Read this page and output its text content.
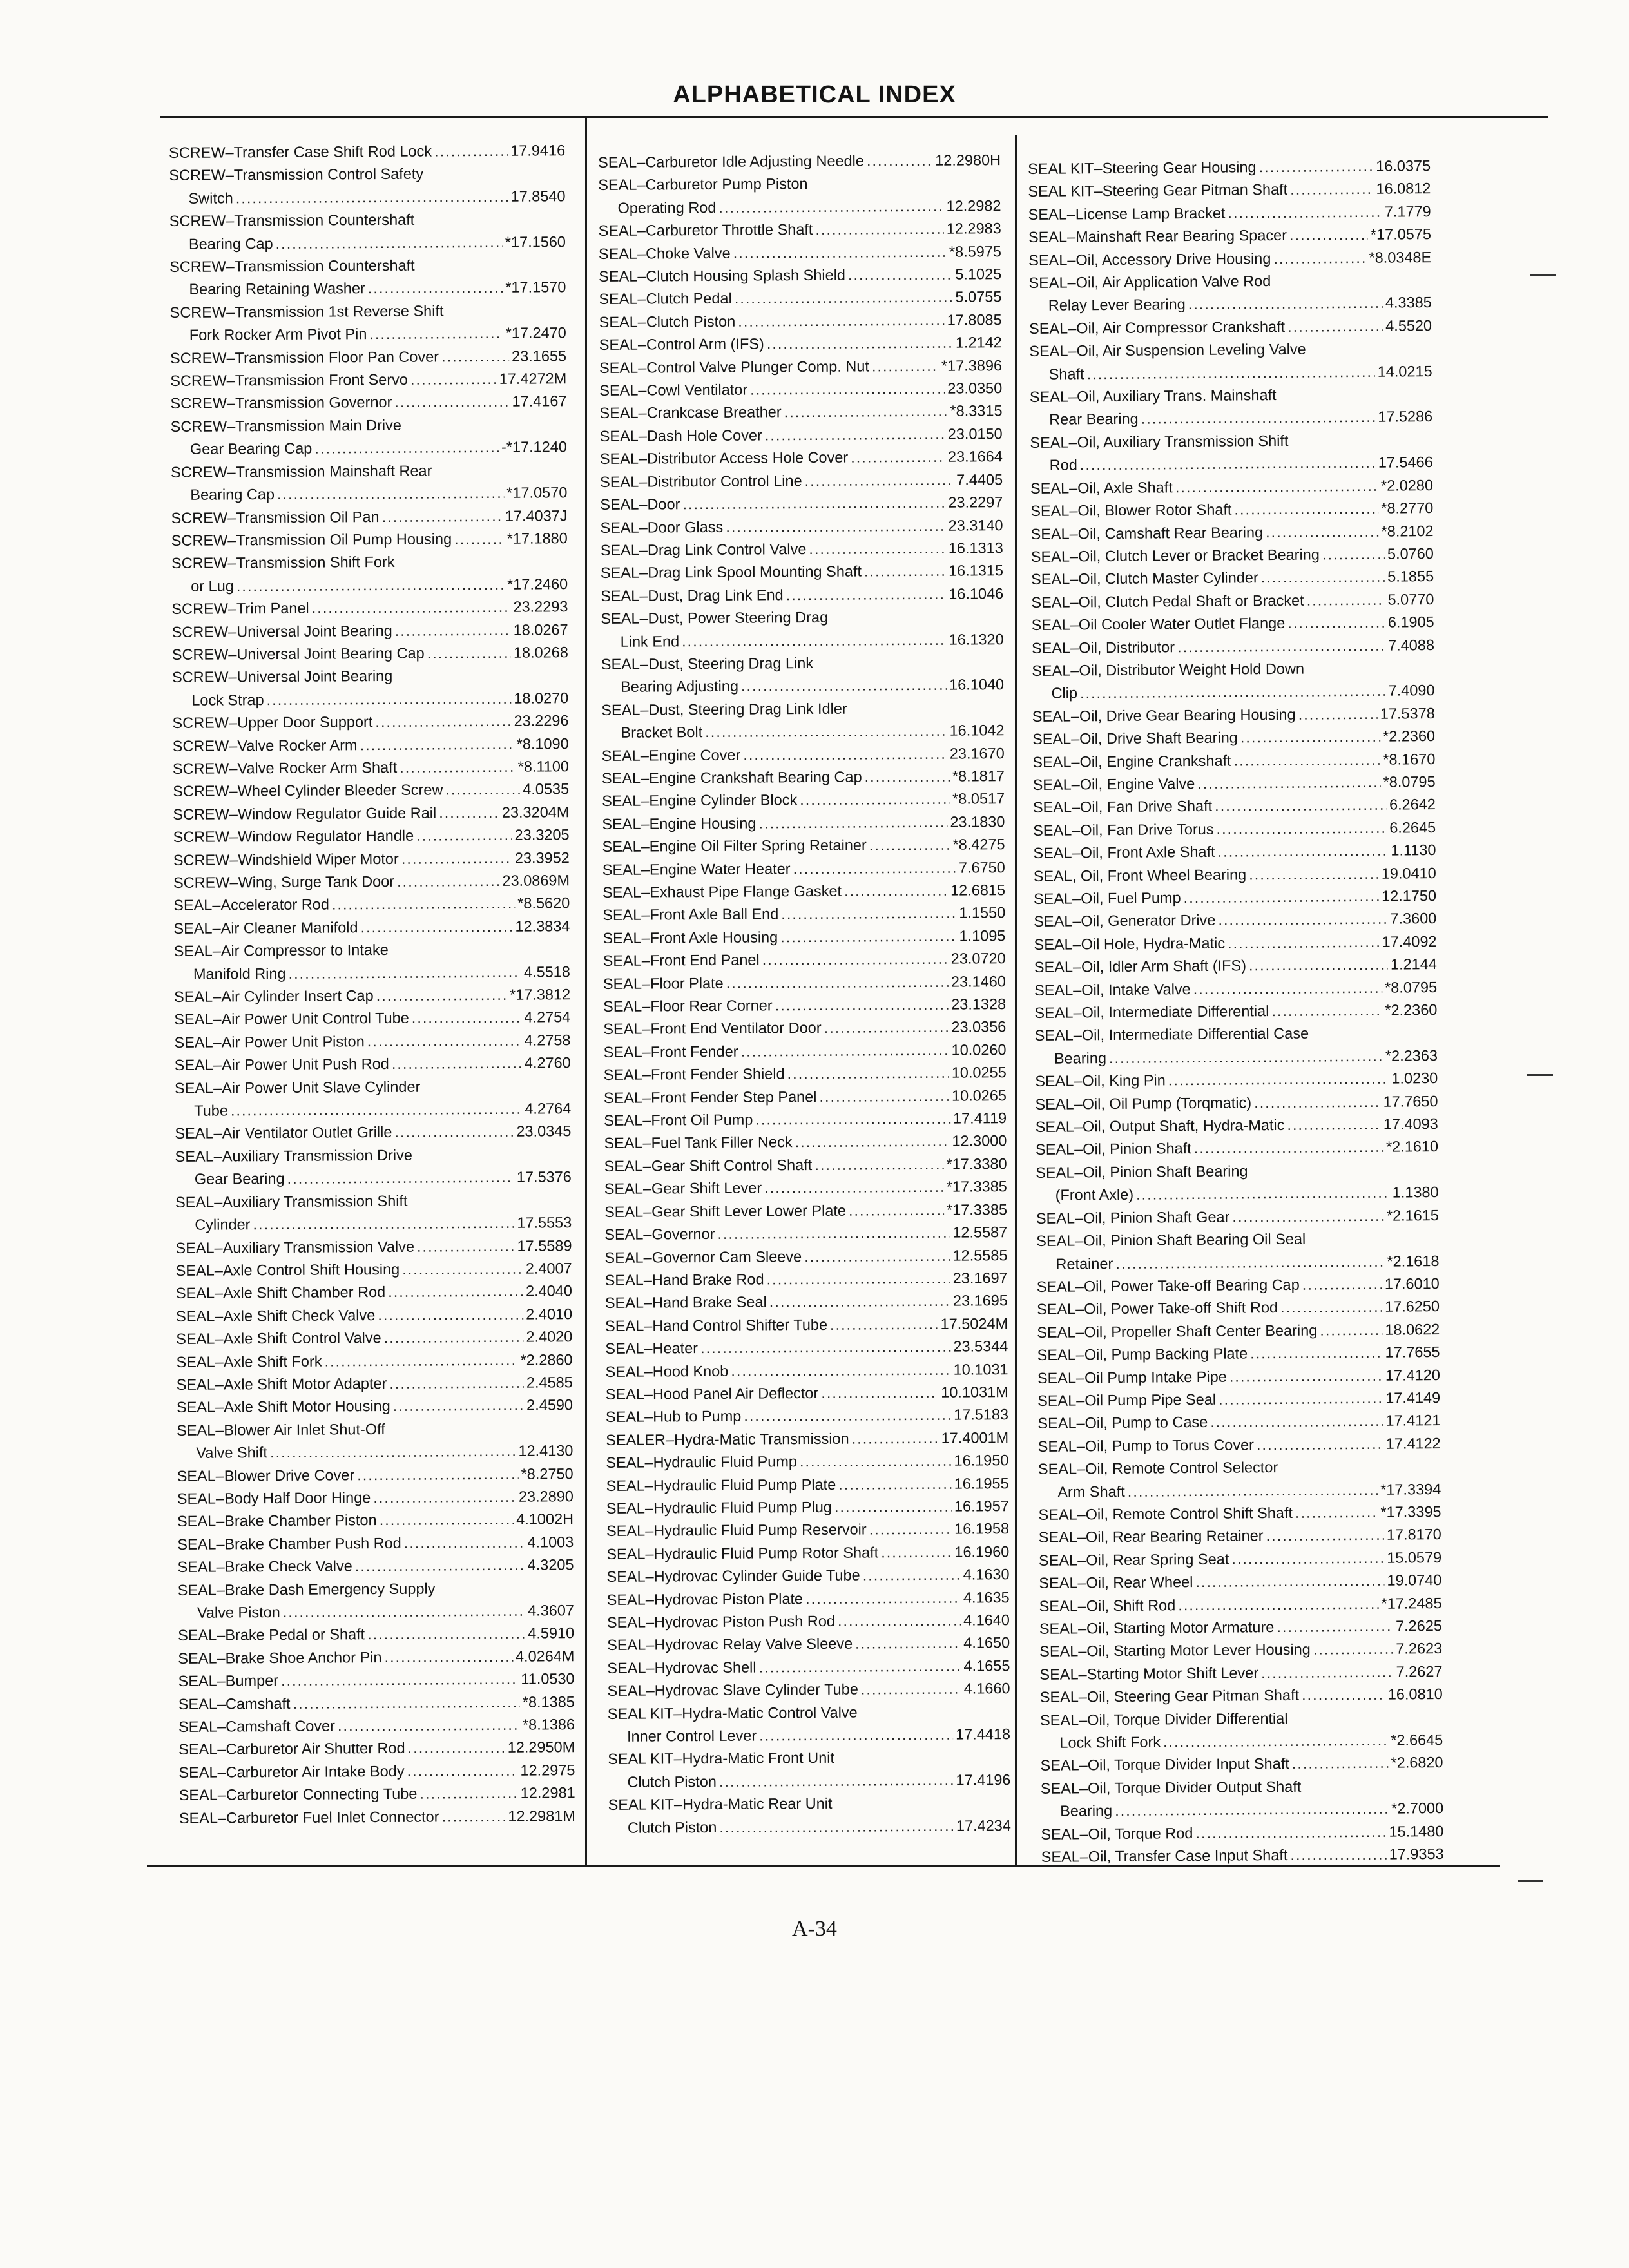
ALPHABETICAL INDEX
SCREW–Transfer Case Shift Rod Lock .....	17.9416
SCREW–Transmission Control Safety
Switch .....	17.8540
SCREW–Transmission Countershaft
Bearing Cap .....	*17.1560
SCREW–Transmission Countershaft
Bearing Retaining Washer .....	*17.1570
SCREW–Transmission 1st Reverse Shift
Fork Rocker Arm Pivot Pin .....	*17.2470
SCREW–Transmission Floor Pan Cover .....	23.1655
SCREW–Transmission Front Servo .....	17.4272M
SCREW–Transmission Governor .....	17.4167
SCREW–Transmission Main Drive
Gear Bearing Cap .....	-*17.1240
SCREW–Transmission Mainshaft Rear
Bearing Cap .....	*17.0570
SCREW–Transmission Oil Pan .....	17.4037J
SCREW–Transmission Oil Pump Housing .....	*17.1880
SCREW–Transmission Shift Fork
or Lug .....	*17.2460
SCREW–Trim Panel .....	23.2293
SCREW–Universal Joint Bearing .....	18.0267
SCREW–Universal Joint Bearing Cap .....	18.0268
SCREW–Universal Joint Bearing
Lock Strap .....	18.0270
SCREW–Upper Door Support .....	23.2296
SCREW–Valve Rocker Arm .....	*8.1090
SCREW–Valve Rocker Arm Shaft .....	*8.1100
SCREW–Wheel Cylinder Bleeder Screw .....	4.0535
SCREW–Window Regulator Guide Rail .....	23.3204M
SCREW–Window Regulator Handle .....	23.3205
SCREW–Windshield Wiper Motor .....	23.3952
SCREW–Wing, Surge Tank Door .....	23.0869M
SEAL–Accelerator Rod .....	*8.5620
SEAL–Air Cleaner Manifold .....	12.3834
SEAL–Air Compressor to Intake
Manifold Ring .....	4.5518
SEAL–Air Cylinder Insert Cap .....	*17.3812
SEAL–Air Power Unit Control Tube .....	4.2754
SEAL–Air Power Unit Piston .....	4.2758
SEAL–Air Power Unit Push Rod .....	4.2760
SEAL–Air Power Unit Slave Cylinder
Tube .....	4.2764
SEAL–Air Ventilator Outlet Grille .....	23.0345
SEAL–Auxiliary Transmission Drive
Gear Bearing .....	17.5376
SEAL–Auxiliary Transmission Shift
Cylinder .....	17.5553
SEAL–Auxiliary Transmission Valve .....	17.5589
SEAL–Axle Control Shift Housing .....	2.4007
SEAL–Axle Shift Chamber Rod .....	2.4040
SEAL–Axle Shift Check Valve .....	2.4010
SEAL–Axle Shift Control Valve .....	2.4020
SEAL–Axle Shift Fork .....	*2.2860
SEAL–Axle Shift Motor Adapter .....	2.4585
SEAL–Axle Shift Motor Housing .....	2.4590
SEAL–Blower Air Inlet Shut-Off
Valve Shift .....	12.4130
SEAL–Blower Drive Cover .....	*8.2750
SEAL–Body Half Door Hinge .....	23.2890
SEAL–Brake Chamber Piston .....	4.1002H
SEAL–Brake Chamber Push Rod .....	4.1003
SEAL–Brake Check Valve .....	4.3205
SEAL–Brake Dash Emergency Supply
Valve Piston .....	4.3607
SEAL–Brake Pedal or Shaft .....	4.5910
SEAL–Brake Shoe Anchor Pin .....	4.0264M
SEAL–Bumper .....	11.0530
SEAL–Camshaft .....	*8.1385
SEAL–Camshaft Cover .....	*8.1386
SEAL–Carburetor Air Shutter Rod .....	12.2950M
SEAL–Carburetor Air Intake Body .....	12.2975
SEAL–Carburetor Connecting Tube .....	12.2981
SEAL–Carburetor Fuel Inlet Connector .....	12.2981M
SEAL–Carburetor Idle Adjusting Needle .....	12.2980H
SEAL–Carburetor Pump Piston
Operating Rod .....	12.2982
SEAL–Carburetor Throttle Shaft .....	12.2983
SEAL–Choke Valve .....	*8.5975
SEAL–Clutch Housing Splash Shield .....	5.1025
SEAL–Clutch Pedal .....	5.0755
SEAL–Clutch Piston .....	17.8085
SEAL–Control Arm (IFS) .....	1.2142
SEAL–Control Valve Plunger Comp. Nut .....	*17.3896
SEAL–Cowl Ventilator .....	23.0350
SEAL–Crankcase Breather .....	*8.3315
SEAL–Dash Hole Cover .....	23.0150
SEAL–Distributor Access Hole Cover .....	23.1664
SEAL–Distributor Control Line .....	7.4405
SEAL–Door .....	23.2297
SEAL–Door Glass .....	23.3140
SEAL–Drag Link Control Valve .....	16.1313
SEAL–Drag Link Spool Mounting Shaft .....	16.1315
SEAL–Dust, Drag Link End .....	16.1046
SEAL–Dust, Power Steering Drag
Link End .....	16.1320
SEAL–Dust, Steering Drag Link
Bearing Adjusting .....	16.1040
SEAL–Dust, Steering Drag Link Idler
Bracket Bolt .....	16.1042
SEAL–Engine Cover .....	23.1670
SEAL–Engine Crankshaft Bearing Cap .....	*8.1817
SEAL–Engine Cylinder Block .....	*8.0517
SEAL–Engine Housing .....	23.1830
SEAL–Engine Oil Filter Spring Retainer .....	*8.4275
SEAL–Engine Water Heater .....	7.6750
SEAL–Exhaust Pipe Flange Gasket .....	12.6815
SEAL–Front Axle Ball End .....	1.1550
SEAL–Front Axle Housing .....	1.1095
SEAL–Front End Panel .....	23.0720
SEAL–Floor Plate .....	23.1460
SEAL–Floor Rear Corner .....	23.1328
SEAL–Front End Ventilator Door .....	23.0356
SEAL–Front Fender .....	10.0260
SEAL–Front Fender Shield .....	10.0255
SEAL–Front Fender Step Panel .....	10.0265
SEAL–Front Oil Pump .....	17.4119
SEAL–Fuel Tank Filler Neck .....	12.3000
SEAL–Gear Shift Control Shaft .....	*17.3380
SEAL–Gear Shift Lever .....	*17.3385
SEAL–Gear Shift Lever Lower Plate .....	*17.3385
SEAL–Governor .....	12.5587
SEAL–Governor Cam Sleeve .....	12.5585
SEAL–Hand Brake Rod .....	23.1697
SEAL–Hand Brake Seal .....	23.1695
SEAL–Hand Control Shifter Tube .....	17.5024M
SEAL–Heater .....	23.5344
SEAL–Hood Knob .....	10.1031
SEAL–Hood Panel Air Deflector .....	10.1031M
SEAL–Hub to Pump .....	17.5183
SEALER–Hydra-Matic Transmission .....	17.4001M
SEAL–Hydraulic Fluid Pump .....	16.1950
SEAL–Hydraulic Fluid Pump Plate .....	16.1955
SEAL–Hydraulic Fluid Pump Plug .....	16.1957
SEAL–Hydraulic Fluid Pump Reservoir .....	16.1958
SEAL–Hydraulic Fluid Pump Rotor Shaft .....	16.1960
SEAL–Hydrovac Cylinder Guide Tube .....	4.1630
SEAL–Hydrovac Piston Plate .....	4.1635
SEAL–Hydrovac Piston Push Rod .....	4.1640
SEAL–Hydrovac Relay Valve Sleeve .....	4.1650
SEAL–Hydrovac Shell .....	4.1655
SEAL–Hydrovac Slave Cylinder Tube .....	4.1660
SEAL KIT–Hydra-Matic Control Valve
Inner Control Lever .....	17.4418
SEAL KIT–Hydra-Matic Front Unit
Clutch Piston .....	17.4196
SEAL KIT–Hydra-Matic Rear Unit
Clutch Piston .....	17.4234
SEAL KIT–Steering Gear Housing .....	16.0375
SEAL KIT–Steering Gear Pitman Shaft .....	16.0812
SEAL–License Lamp Bracket .....	7.1779
SEAL–Mainshaft Rear Bearing Spacer .....	*17.0575
SEAL–Oil, Accessory Drive Housing .....	*8.0348E
SEAL–Oil, Air Application Valve Rod
Relay Lever Bearing .....	4.3385
SEAL–Oil, Air Compressor Crankshaft .....	4.5520
SEAL–Oil, Air Suspension Leveling Valve
Shaft .....	14.0215
SEAL–Oil, Auxiliary Trans. Mainshaft
Rear Bearing .....	17.5286
SEAL–Oil, Auxiliary Transmission Shift
Rod .....	17.5466
SEAL–Oil, Axle Shaft .....	*2.0280
SEAL–Oil, Blower Rotor Shaft .....	*8.2770
SEAL–Oil, Camshaft Rear Bearing .....	*8.2102
SEAL–Oil, Clutch Lever or Bracket Bearing .....	5.0760
SEAL–Oil, Clutch Master Cylinder .....	5.1855
SEAL–Oil, Clutch Pedal Shaft or Bracket .....	5.0770
SEAL–Oil Cooler Water Outlet Flange .....	6.1905
SEAL–Oil, Distributor .....	7.4088
SEAL–Oil, Distributor Weight Hold Down
Clip .....	7.4090
SEAL–Oil, Drive Gear Bearing Housing .....	17.5378
SEAL–Oil, Drive Shaft Bearing .....	*2.2360
SEAL–Oil, Engine Crankshaft .....	*8.1670
SEAL–Oil, Engine Valve .....	*8.0795
SEAL–Oil, Fan Drive Shaft .....	6.2642
SEAL–Oil, Fan Drive Torus .....	6.2645
SEAL–Oil, Front Axle Shaft .....	1.1130
SEAL, Oil, Front Wheel Bearing .....	19.0410
SEAL–Oil, Fuel Pump .....	12.1750
SEAL–Oil, Generator Drive .....	7.3600
SEAL–Oil Hole, Hydra-Matic .....	17.4092
SEAL–Oil, Idler Arm Shaft (IFS) .....	1.2144
SEAL–Oil, Intake Valve .....	*8.0795
SEAL–Oil, Intermediate Differential .....	*2.2360
SEAL–Oil, Intermediate Differential Case
Bearing .....	*2.2363
SEAL–Oil, King Pin .....	1.0230
SEAL–Oil, Oil Pump (Torqmatic) .....	17.7650
SEAL–Oil, Output Shaft, Hydra-Matic .....	17.4093
SEAL–Oil, Pinion Shaft .....	*2.1610
SEAL–Oil, Pinion Shaft Bearing
(Front Axle) .....	1.1380
SEAL–Oil, Pinion Shaft Gear .....	*2.1615
SEAL–Oil, Pinion Shaft Bearing Oil Seal
Retainer .....	*2.1618
SEAL–Oil, Power Take-off Bearing Cap .....	17.6010
SEAL–Oil, Power Take-off Shift Rod .....	17.6250
SEAL–Oil, Propeller Shaft Center Bearing .....	18.0622
SEAL–Oil, Pump Backing Plate .....	17.7655
SEAL–Oil Pump Intake Pipe .....	17.4120
SEAL–Oil Pump Pipe Seal .....	17.4149
SEAL–Oil, Pump to Case .....	17.4121
SEAL–Oil, Pump to Torus Cover .....	17.4122
SEAL–Oil, Remote Control Selector
Arm Shaft .....	*17.3394
SEAL–Oil, Remote Control Shift Shaft .....	*17.3395
SEAL–Oil, Rear Bearing Retainer .....	17.8170
SEAL–Oil, Rear Spring Seat .....	15.0579
SEAL–Oil, Rear Wheel .....	19.0740
SEAL–Oil, Shift Rod .....	*17.2485
SEAL–Oil, Starting Motor Armature .....	7.2625
SEAL–Oil, Starting Motor Lever Housing .....	7.2623
SEAL–Starting Motor Shift Lever .....	7.2627
SEAL–Oil, Steering Gear Pitman Shaft .....	16.0810
SEAL–Oil, Torque Divider Differential
Lock Shift Fork .....	*2.6645
SEAL–Oil, Torque Divider Input Shaft .....	*2.6820
SEAL–Oil, Torque Divider Output Shaft
Bearing .....	*2.7000
SEAL–Oil, Torque Rod .....	15.1480
SEAL–Oil, Transfer Case Input Shaft .....	17.9353
A-34
